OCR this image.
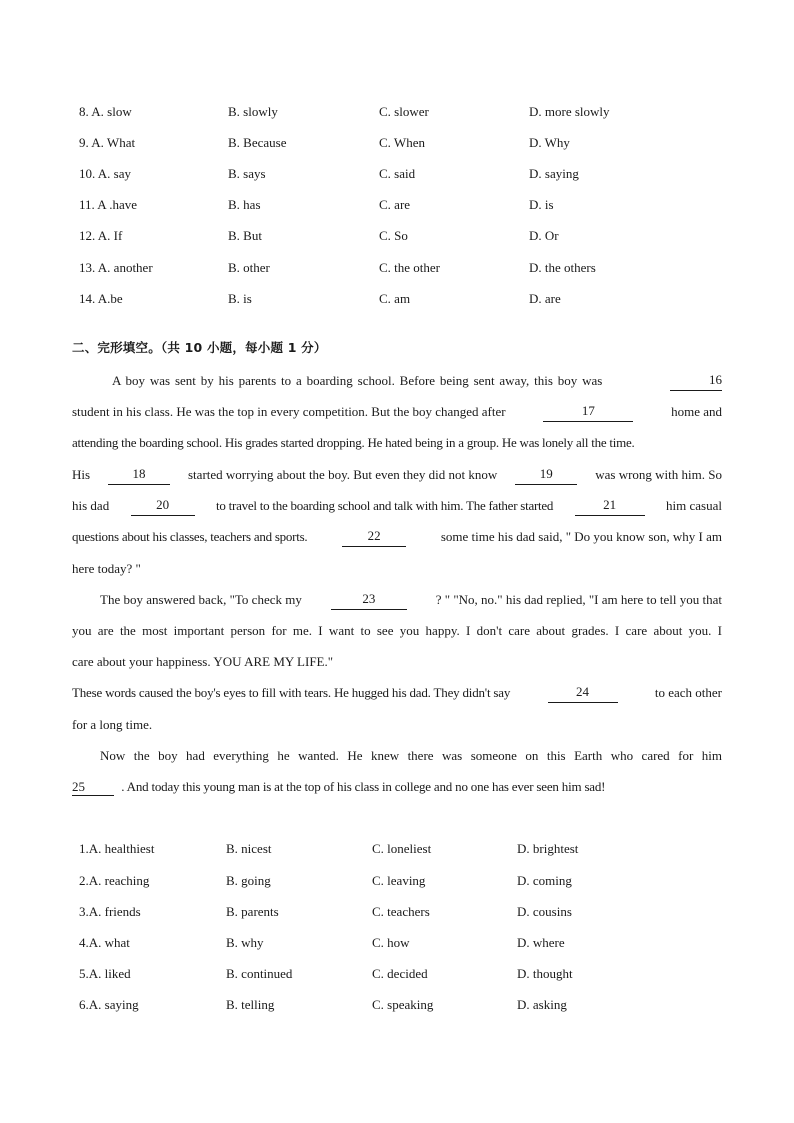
8. A. slow	B. slowly	C. slower	D. more slowly
9. A. What	B. Because	C. When	D. Why
10. A. say	B. says	C. said	D. saying
11. A .have	B. has	C. are	D. is
12. A. If	B. But	C. So	D. Or
13. A. another	B. other	C. the other	D. the others
14. A.be	B. is	C. am	D. are
二、完形填空。（共 10 小题，每小题 1 分）
A boy was sent by his parents to a boarding school. Before being sent away, this boy was	16
student in his class. He was the top in every competition. But the boy changed after	17	home and
attending the boarding school. His grades started dropping. He hated being in a group. He was lonely all the time.
His	18	started worrying about the boy. But even they did not know	19	was wrong with him. So
his dad	20	to travel to the boarding school and talk with him. The father started	21	him casual
questions about his classes, teachers and sports.	22	some time his dad said, " Do you know son, why I am
here today? "
The boy answered back, "To check my	23	? " "No, no." his dad replied, "I am here to tell you that
you are the most important person for me. I want to see you happy. I don't care about grades. I care about you. I
care about your happiness. YOU ARE MY LIFE."
These words caused the boy's eyes to fill with tears. He hugged his dad. They didn't say	24	to each other
for a long time.
Now the boy had everything he wanted. He knew there was someone on this Earth who cared for him
25	. And today this young man is at the top of his class in college and no one has ever seen him sad!
1.A. healthiest	B. nicest	C. loneliest	D. brightest
2.A. reaching	B. going	C. leaving	D. coming
3.A. friends	B. parents	C. teachers	D. cousins
4.A. what	B. why	C. how	D. where
5.A. liked	B. continued	C. decided	D. thought
6.A. saying	B. telling	C. speaking	D. asking
